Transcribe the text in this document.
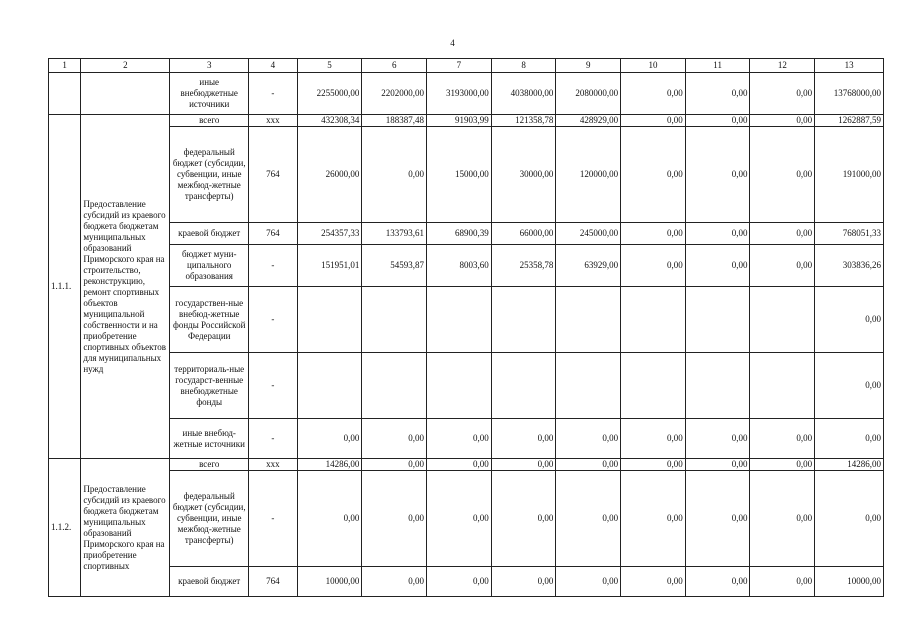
4
1	2	3	4	5	6	7	8	9	10	11	12	13
		иные внебюджетные источники	-	2255000,00	2202000,00	3193000,00	4038000,00	2080000,00	0,00	0,00	0,00	13768000,00
1.1.1.	Предоставление субсидий из краевого бюджета бюджетам муниципальных образований Приморского края на строительство, реконструкцию, ремонт спортивных объектов муниципальной собственности и на приобретение спортивных объектов для муниципальных нужд	всего	ххх	432308,34	188387,48	91903,99	121358,78	428929,00	0,00	0,00	0,00	1262887,59
		федеральный бюджет (субсидии, субвенции, иные межбюд-жетные трансферты)	764	26000,00	0,00	15000,00	30000,00	120000,00	0,00	0,00	0,00	191000,00
		краевой бюджет	764	254357,33	133793,61	68900,39	66000,00	245000,00	0,00	0,00	0,00	768051,33
		бюджет муни-ципального образования	-	151951,01	54593,87	8003,60	25358,78	63929,00	0,00	0,00	0,00	303836,26
		государствен-ные внебюд-жетные фонды Российской Федерации	-									0,00
		территориаль-ные государст-венные внебюджетные фонды	-									0,00
		иные внебюд-жетные источники	-	0,00	0,00	0,00	0,00	0,00	0,00	0,00	0,00	0,00
1.1.2.	Предоставление субсидий из краевого бюджета бюджетам муниципальных образований Приморского края на приобретение спортивных	всего	ххх	14286,00	0,00	0,00	0,00	0,00	0,00	0,00	0,00	14286,00
		федеральный бюджет (субсидии, субвенции, иные межбюд-жетные трансферты)	-	0,00	0,00	0,00	0,00	0,00	0,00	0,00	0,00	0,00
		краевой бюджет	764	10000,00	0,00	0,00	0,00	0,00	0,00	0,00	0,00	10000,00
